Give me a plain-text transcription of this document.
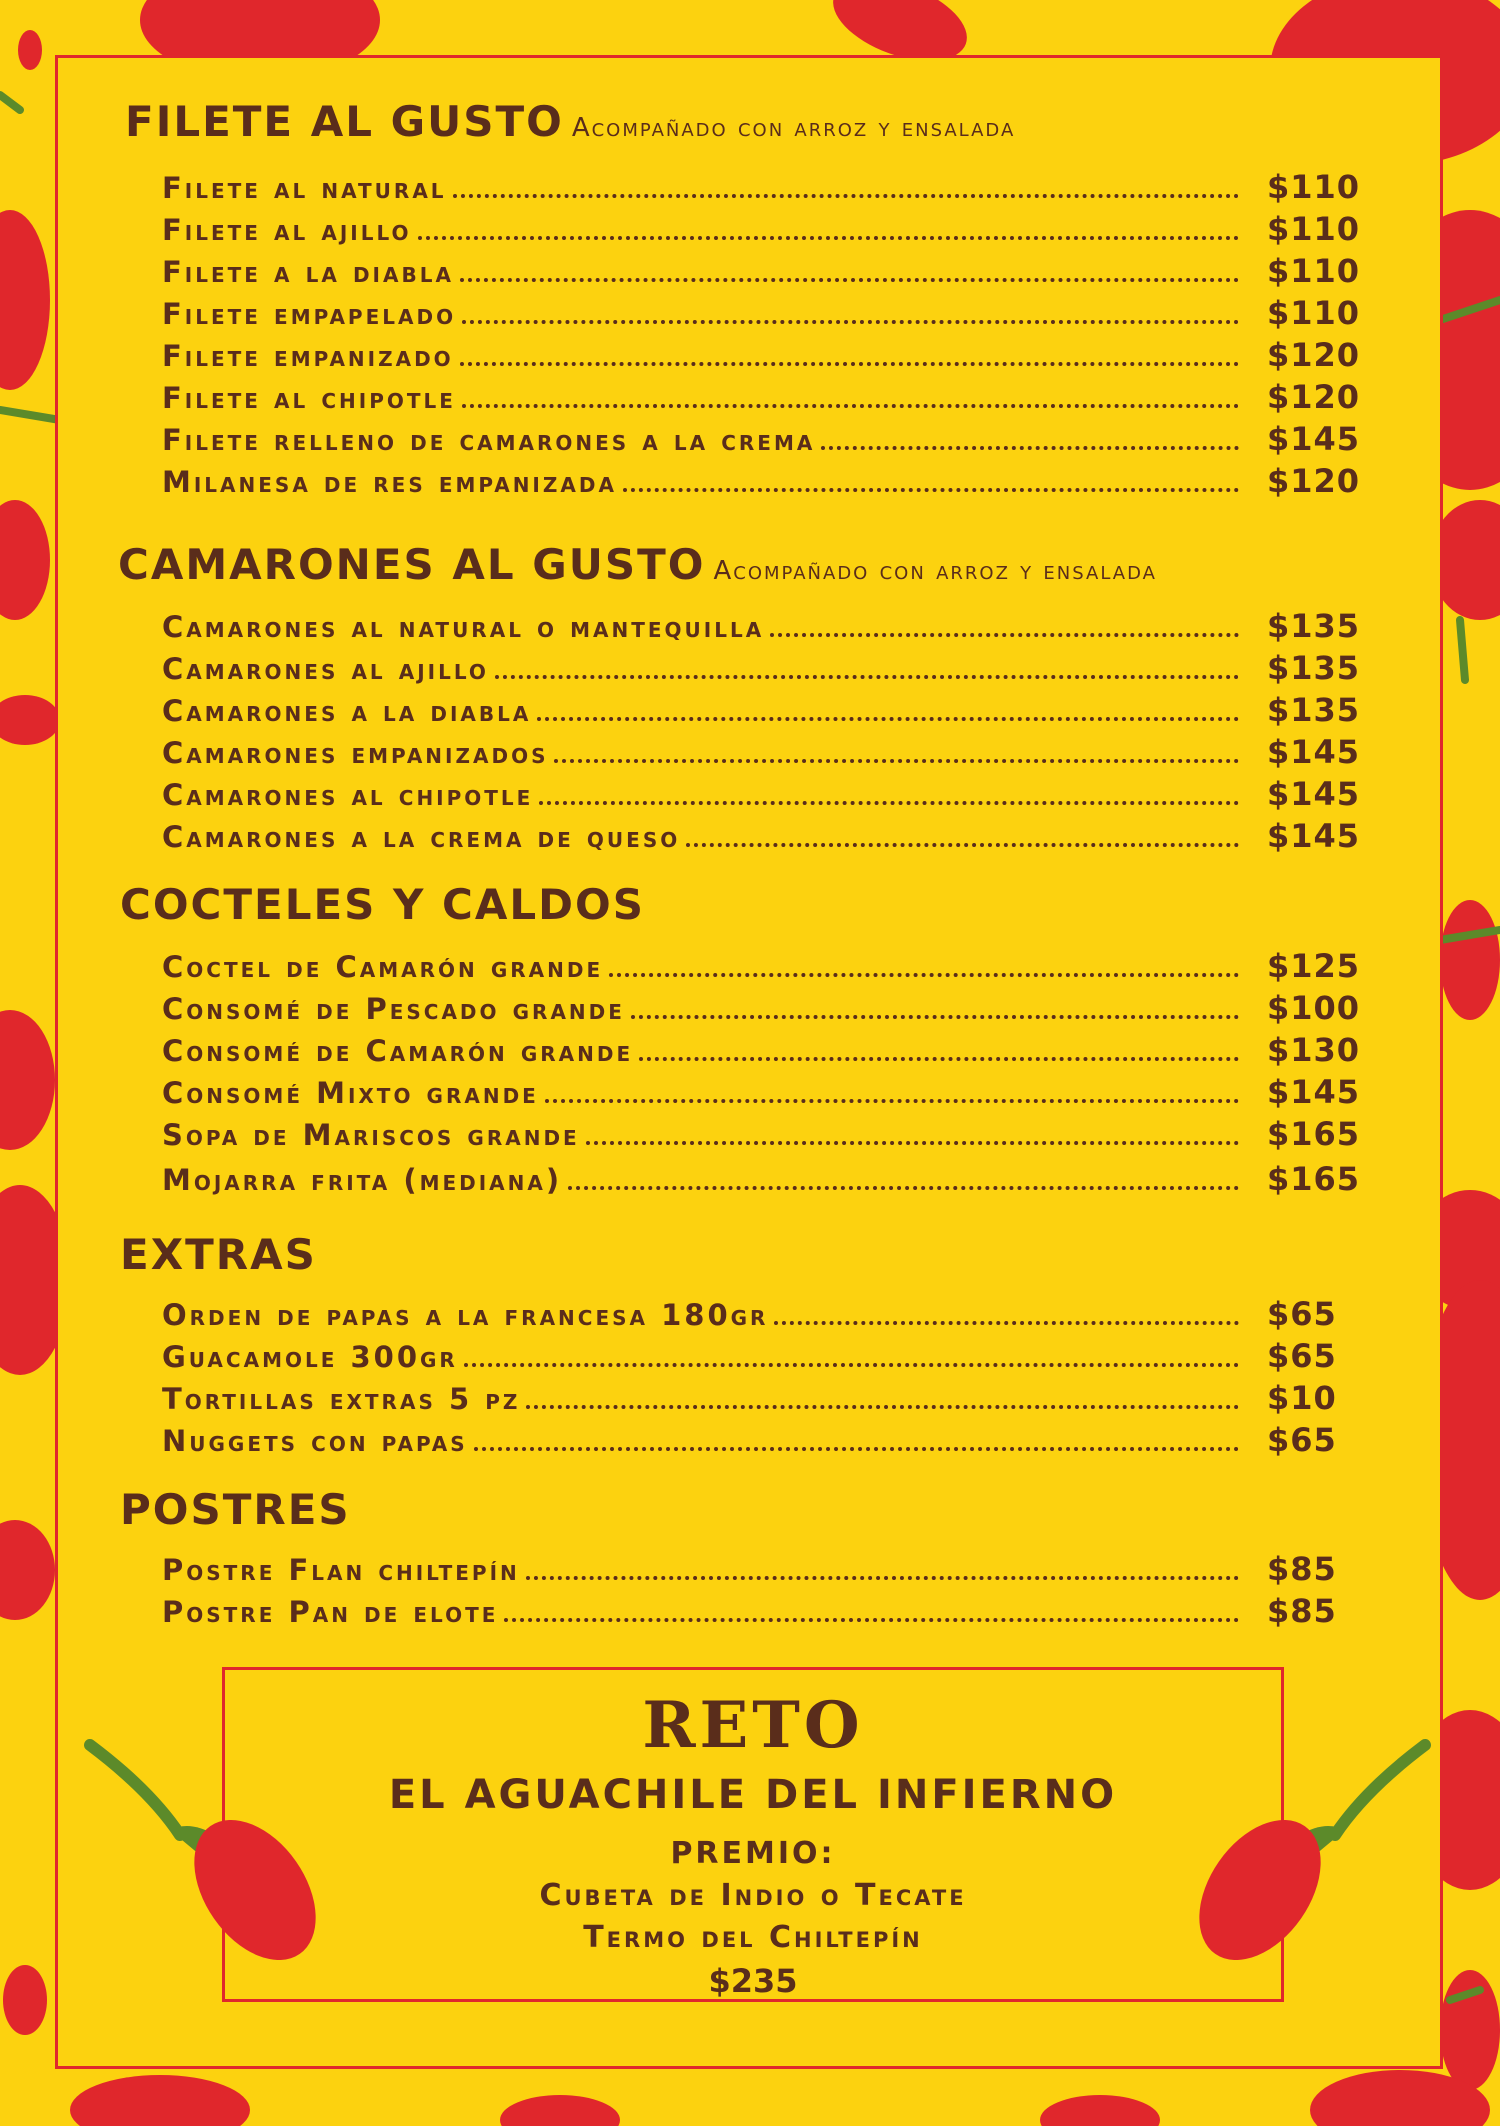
FILETE AL GUSTO Acompañado con arroz y ensalada
Filete al natural	$110
Filete al ajillo	$110
Filete a la diabla	$110
Filete empapelado	$110
Filete empanizado	$120
Filete al chipotle	$120
Filete relleno de camarones a la crema	$145
Milanesa de res empanizada	$120
CAMARONES AL GUSTO Acompañado con arroz y ensalada
Camarones al natural o mantequilla	$135
Camarones al ajillo	$135
Camarones a la diabla	$135
Camarones empanizados	$145
Camarones al chipotle	$145
Camarones a la crema de queso	$145
COCTELES Y CALDOS
Coctel de Camarón grande	$125
Consomé de Pescado grande	$100
Consomé de Camarón grande	$130
Consomé Mixto grande	$145
Sopa de Mariscos grande	$165
Mojarra frita (mediana)	$165
EXTRAS
Orden de papas a la francesa 180gr	$65
Guacamole 300gr	$65
Tortillas extras 5 pz	$10
Nuggets con papas	$65
POSTRES
Postre Flan chiltepín	$85
Postre Pan de elote	$85
RETO
EL AGUACHILE DEL INFIERNO
PREMIO:
Cubeta de Indio o Tecate
Termo del Chiltepín
$235
